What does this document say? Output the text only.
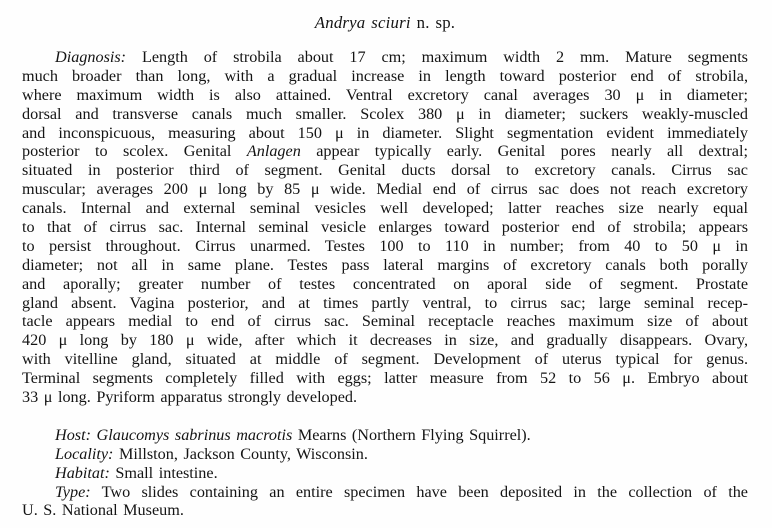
Andrya sciuri n. sp.
Diagnosis: Length of strobila about 17 cm; maximum width 2 mm. Mature segments
much broader than long, with a gradual increase in length toward posterior end of strobila,
where maximum width is also attained. Ventral excretory canal averages 30 μ in diameter;
dorsal and transverse canals much smaller. Scolex 380 μ in diameter; suckers weakly-muscled
and inconspicuous, measuring about 150 μ in diameter. Slight segmentation evident immediately
posterior to scolex. Genital Anlagen appear typically early. Genital pores nearly all dextral;
situated in posterior third of segment. Genital ducts dorsal to excretory canals. Cirrus sac
muscular; averages 200 μ long by 85 μ wide. Medial end of cirrus sac does not reach excretory
canals. Internal and external seminal vesicles well developed; latter reaches size nearly equal
to that of cirrus sac. Internal seminal vesicle enlarges toward posterior end of strobila; appears
to persist throughout. Cirrus unarmed. Testes 100 to 110 in number; from 40 to 50 μ in
diameter; not all in same plane. Testes pass lateral margins of excretory canals both porally
and aporally; greater number of testes concentrated on aporal side of segment. Prostate
gland absent. Vagina posterior, and at times partly ventral, to cirrus sac; large seminal recep-
tacle appears medial to end of cirrus sac. Seminal receptacle reaches maximum size of about
420 μ long by 180 μ wide, after which it decreases in size, and gradually disappears. Ovary,
with vitelline gland, situated at middle of segment. Development of uterus typical for genus.
Terminal segments completely filled with eggs; latter measure from 52 to 56 μ. Embryo about
33 μ long. Pyriform apparatus strongly developed.
Host: Glaucomys sabrinus macrotis Mearns (Northern Flying Squirrel).
Locality: Millston, Jackson County, Wisconsin.
Habitat: Small intestine.
Type: Two slides containing an entire specimen have been deposited in the collection of the
U. S. National Museum.
